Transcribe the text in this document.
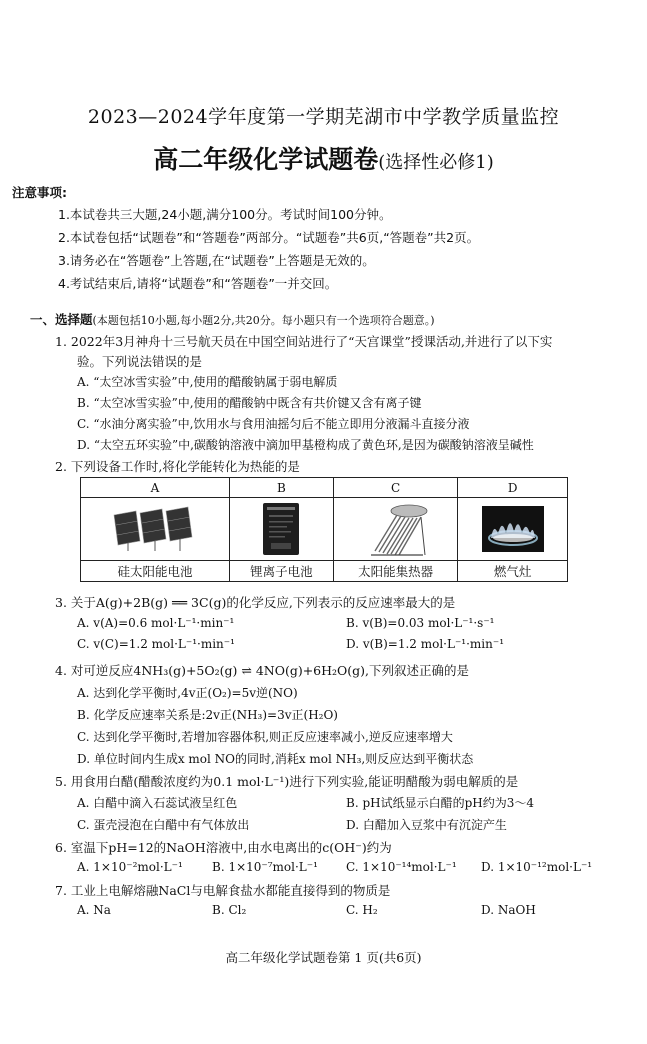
2023—2024学年度第一学期芜湖市中学教学质量监控
高二年级化学试题卷(选择性必修1)
注意事项:
1.本试卷共三大题,24小题,满分100分。考试时间100分钟。
2.本试卷包括“试题卷”和“答题卷”两部分。“试题卷”共6页,“答题卷”共2页。
3.请务必在“答题卷”上答题,在“试题卷”上答题是无效的。
4.考试结束后,请将“试题卷”和“答题卷”一并交回。
一、选择题(本题包括10小题,每小题2分,共20分。每小题只有一个选项符合题意。)
1. 2022年3月神舟十三号航天员在中国空间站进行了“天宫课堂”授课活动,并进行了以下实
验。下列说法错误的是
A. “太空冰雪实验”中,使用的醋酸钠属于弱电解质
B. “太空冰雪实验”中,使用的醋酸钠中既含有共价键又含有离子键
C. “水油分离实验”中,饮用水与食用油摇匀后不能立即用分液漏斗直接分液
D. “太空五环实验”中,碳酸钠溶液中滴加甲基橙构成了黄色环,是因为碳酸钠溶液呈碱性
2. 下列设备工作时,将化学能转化为热能的是
A	B	C	D

硅太阳能电池	锂离子电池	太阳能集热器	燃气灶
3. 关于A(g)+2B(g) ══ 3C(g)的化学反应,下列表示的反应速率最大的是
A. v(A)=0.6 mol·L⁻¹·min⁻¹	B. v(B)=0.03 mol·L⁻¹·s⁻¹
C. v(C)=1.2 mol·L⁻¹·min⁻¹	D. v(B)=1.2 mol·L⁻¹·min⁻¹
4. 对可逆反应4NH₃(g)+5O₂(g) ⇌ 4NO(g)+6H₂O(g),下列叙述正确的是
A. 达到化学平衡时,4v正(O₂)=5v逆(NO)
B. 化学反应速率关系是:2v正(NH₃)=3v正(H₂O)
C. 达到化学平衡时,若增加容器体积,则正反应速率减小,逆反应速率增大
D. 单位时间内生成x mol NO的同时,消耗x mol NH₃,则反应达到平衡状态
5. 用食用白醋(醋酸浓度约为0.1 mol·L⁻¹)进行下列实验,能证明醋酸为弱电解质的是
A. 白醋中滴入石蕊试液呈红色	B. pH试纸显示白醋的pH约为3～4
C. 蛋壳浸泡在白醋中有气体放出	D. 白醋加入豆浆中有沉淀产生
6. 室温下pH=12的NaOH溶液中,由水电离出的c(OH⁻)约为
A. 1×10⁻²mol·L⁻¹ B. 1×10⁻⁷mol·L⁻¹ C. 1×10⁻¹⁴mol·L⁻¹ D. 1×10⁻¹²mol·L⁻¹
7. 工业上电解熔融NaCl与电解食盐水都能直接得到的物质是
A. Na	B. Cl₂	C. H₂	D. NaOH
高二年级化学试题卷第 1 页(共6页)
